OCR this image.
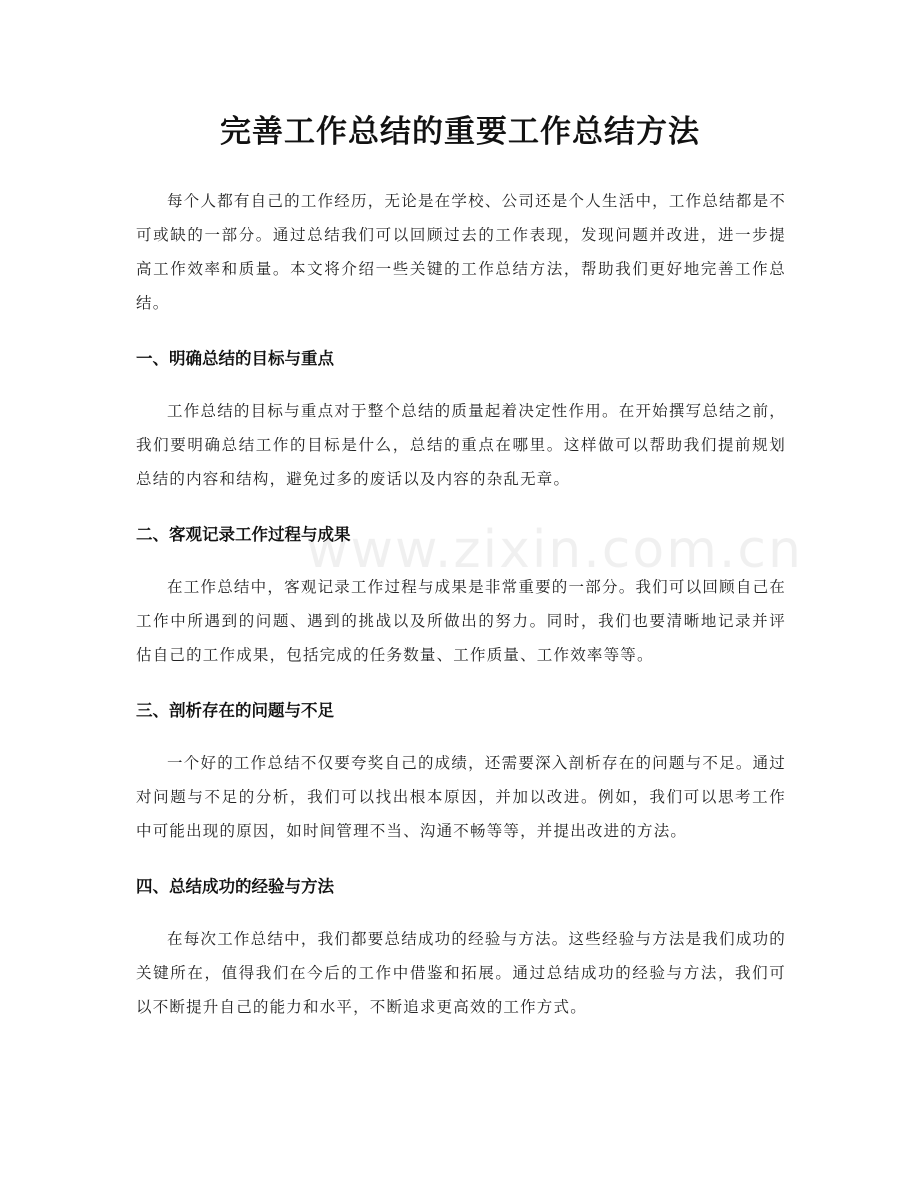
www.zixin.com.cn
完善工作总结的重要工作总结方法

每个人都有自己的工作经历，无论是在学校、公司还是个人生活中，工作总结都是不可或缺的一部分。通过总结我们可以回顾过去的工作表现，发现问题并改进，进一步提高工作效率和质量。本文将介绍一些关键的工作总结方法，帮助我们更好地完善工作总结。

一、明确总结的目标与重点

工作总结的目标与重点对于整个总结的质量起着决定性作用。在开始撰写总结之前，我们要明确总结工作的目标是什么，总结的重点在哪里。这样做可以帮助我们提前规划总结的内容和结构，避免过多的废话以及内容的杂乱无章。

二、客观记录工作过程与成果

在工作总结中，客观记录工作过程与成果是非常重要的一部分。我们可以回顾自己在工作中所遇到的问题、遇到的挑战以及所做出的努力。同时，我们也要清晰地记录并评估自己的工作成果，包括完成的任务数量、工作质量、工作效率等等。

三、剖析存在的问题与不足

一个好的工作总结不仅要夸奖自己的成绩，还需要深入剖析存在的问题与不足。通过对问题与不足的分析，我们可以找出根本原因，并加以改进。例如，我们可以思考工作中可能出现的原因，如时间管理不当、沟通不畅等等，并提出改进的方法。

四、总结成功的经验与方法

在每次工作总结中，我们都要总结成功的经验与方法。这些经验与方法是我们成功的关键所在，值得我们在今后的工作中借鉴和拓展。通过总结成功的经验与方法，我们可以不断提升自己的能力和水平，不断追求更高效的工作方式。
